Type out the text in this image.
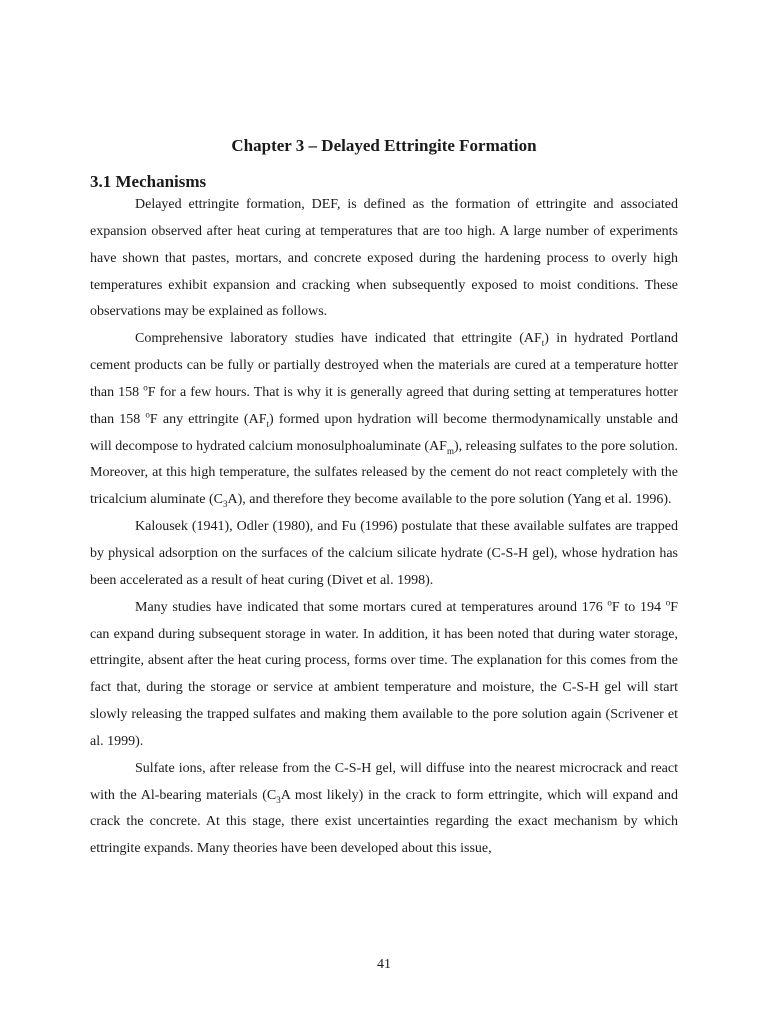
Chapter 3 – Delayed Ettringite Formation
3.1 Mechanisms

Delayed ettringite formation, DEF, is defined as the formation of ettringite and associated expansion observed after heat curing at temperatures that are too high. A large number of experiments have shown that pastes, mortars, and concrete exposed during the hardening process to overly high temperatures exhibit expansion and cracking when subsequently exposed to moist conditions. These observations may be explained as follows.

Comprehensive laboratory studies have indicated that ettringite $(AF_t)$ in hydrated Portland cement products can be fully or partially destroyed when the materials are cured at a temperature hotter than 158 $^o$F for a few hours. That is why it is generally agreed that during setting at temperatures hotter than 158 $^o$F any ettringite $(AF_t)$ formed upon hydration will become thermodynamically unstable and will decompose to hydrated calcium monosulphoaluminate $(AF_m)$, releasing sulfates to the pore solution. Moreover, at this high temperature, the sulfates released by the cement do not react completely with the tricalcium aluminate $(C_3A)$, and therefore they become available to the pore solution (Yang et al. 1996).

Kalousek (1941), Odler (1980), and Fu (1996) postulate that these available sulfates are trapped by physical adsorption on the surfaces of the calcium silicate hydrate (C-S-H gel), whose hydration has been accelerated as a result of heat curing (Divet et al. 1998).

Many studies have indicated that some mortars cured at temperatures around 176 $^o$F to 194 $^o$F can expand during subsequent storage in water. In addition, it has been noted that during water storage, ettringite, absent after the heat curing process, forms over time. The explanation for this comes from the fact that, during the storage or service at ambient temperature and moisture, the C-S-H gel will start slowly releasing the trapped sulfates and making them available to the pore solution again (Scrivener et al. 1999).

Sulfate ions, after release from the C-S-H gel, will diffuse into the nearest microcrack and react with the Al-bearing materials ($C_3A$ most likely) in the crack to form ettringite, which will expand and crack the concrete. At this stage, there exist uncertainties regarding the exact mechanism by which ettringite expands. Many theories have been developed about this issue,

41
